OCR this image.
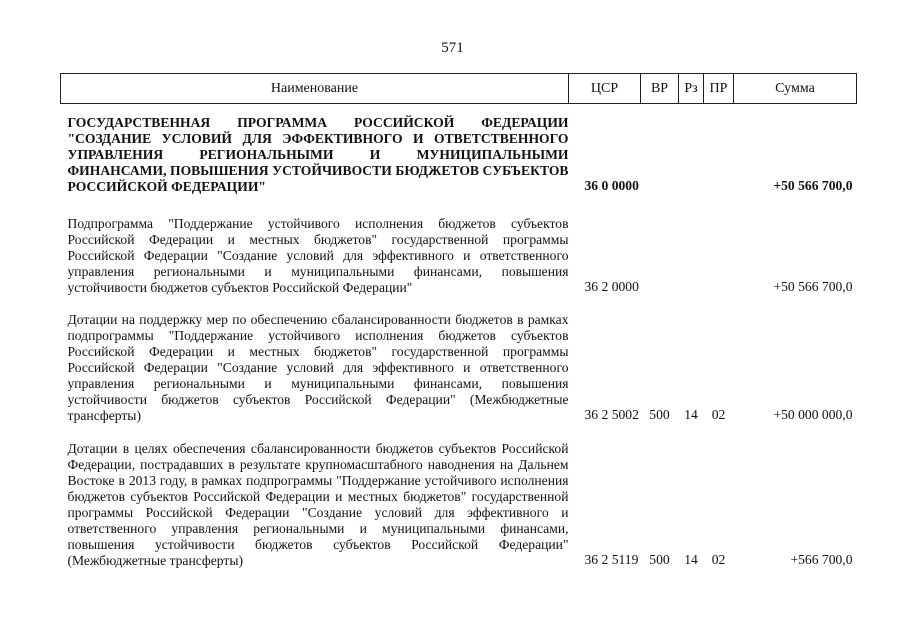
571
Наименование	ЦСР	ВР	Рз	ПР	Сумма
ГОСУДАРСТВЕННАЯ ПРОГРАММА РОССИЙСКОЙ ФЕДЕРАЦИИ "СОЗДАНИЕ УСЛОВИЙ ДЛЯ ЭФФЕКТИВНОГО И ОТВЕТСТВЕННОГО УПРАВЛЕНИЯ РЕГИОНАЛЬНЫМИ И МУНИЦИПАЛЬНЫМИ ФИНАНСАМИ, ПОВЫШЕНИЯ УСТОЙЧИВОСТИ БЮДЖЕТОВ СУБЪЕКТОВ РОССИЙСКОЙ ФЕДЕРАЦИИ"	36 0 0000				+50 566 700,0

Подпрограмма "Поддержание устойчивого исполнения бюджетов субъектов Российской Федерации и местных бюджетов" государственной программы Российской Федерации "Создание условий для эффективного и ответственного управления региональными и муниципальными финансами, повышения устойчивости бюджетов субъектов Российской Федерации"	36 2 0000				+50 566 700,0

Дотации на поддержку мер по обеспечению сбалансированности бюджетов в рамках подпрограммы "Поддержание устойчивого исполнения бюджетов субъектов Российской Федерации и местных бюджетов" государственной программы Российской Федерации "Создание условий для эффективного и ответственного управления региональными и муниципальными финансами, повышения устойчивости бюджетов субъектов Российской Федерации" (Межбюджетные трансферты)	36 2 5002	500	14	02	+50 000 000,0

Дотации в целях обеспечения сбалансированности бюджетов субъектов Российской Федерации, пострадавших в результате крупномасштабного наводнения на Дальнем Востоке в 2013 году, в рамках подпрограммы "Поддержание устойчивого исполнения бюджетов субъектов Российской Федерации и местных бюджетов" государственной программы Российской Федерации "Создание условий для эффективного и ответственного управления региональными и муниципальными финансами, повышения устойчивости бюджетов субъектов Российской Федерации" (Межбюджетные трансферты)	36 2 5119	500	14	02	+566 700,0
